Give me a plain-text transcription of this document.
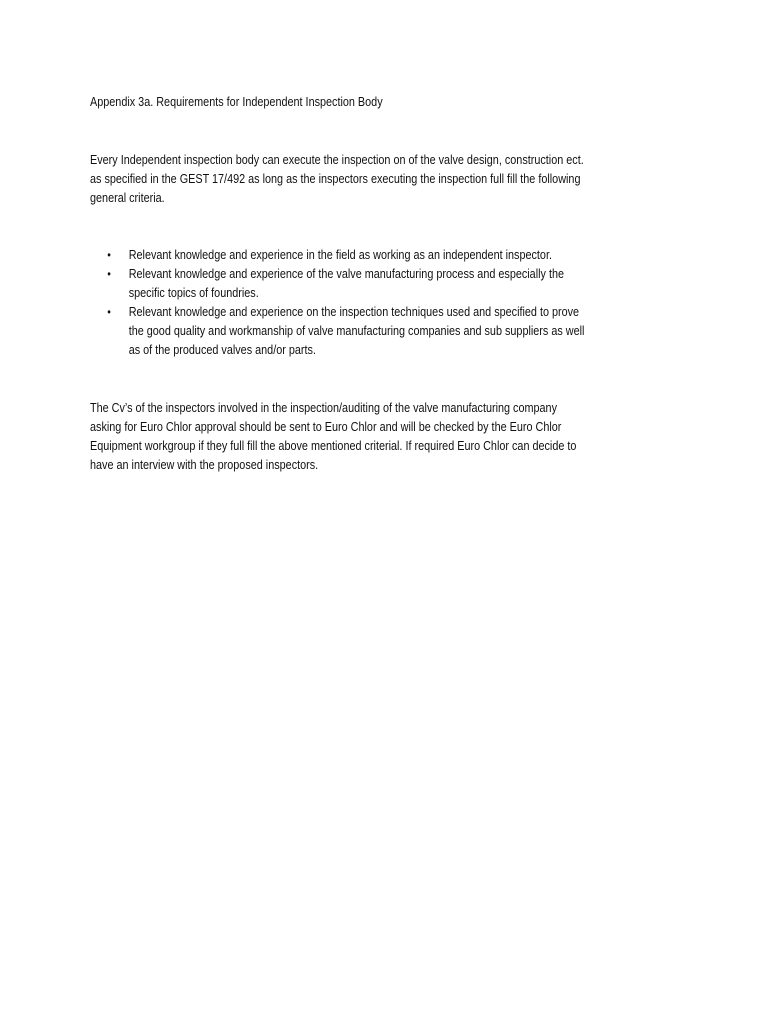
Appendix 3a. Requirements for Independent Inspection Body
Every Independent inspection body can execute the inspection on of the valve design, construction ect.
as specified in the GEST 17/492 as long as the inspectors executing the inspection full fill the following
general criteria.
• Relevant knowledge and experience in the field as working as an independent inspector.
• Relevant knowledge and experience of the valve manufacturing process and especially the
specific topics of foundries.
• Relevant knowledge and experience on the inspection techniques used and specified to prove
the good quality and workmanship of valve manufacturing companies and sub suppliers as well
as of the produced valves and/or parts.
The Cv’s of the inspectors involved in the inspection/auditing of the valve manufacturing company
asking for Euro Chlor approval should be sent to Euro Chlor and will be checked by the Euro Chlor
Equipment workgroup if they full fill the above mentioned criterial. If required Euro Chlor can decide to
have an interview with the proposed inspectors.
